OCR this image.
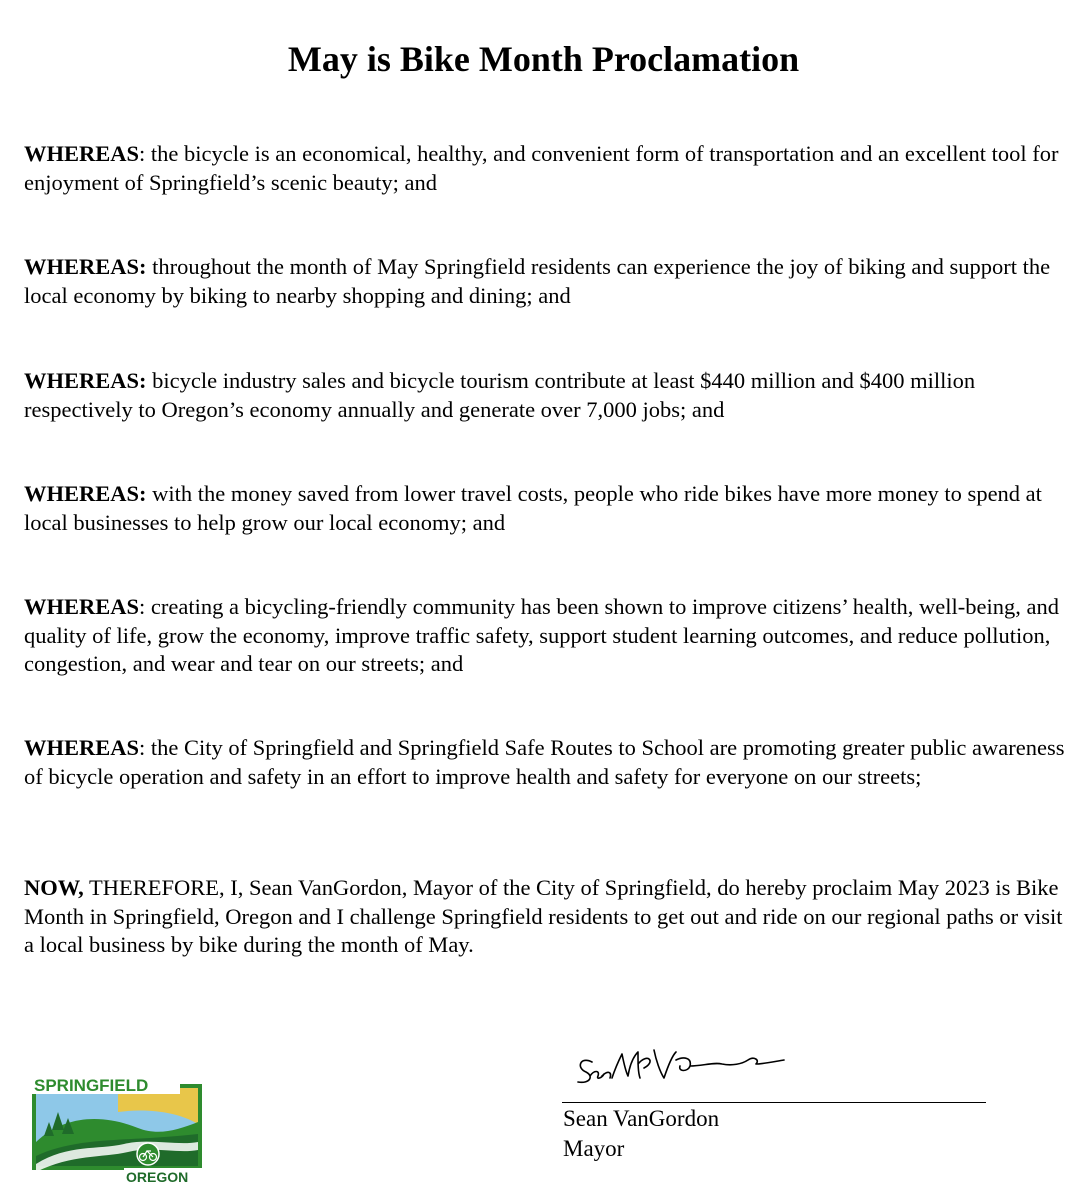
May is Bike Month Proclamation

WHEREAS: the bicycle is an economical, healthy, and convenient form of transportation and an excellent tool for enjoyment of Springfield’s scenic beauty; and

WHEREAS: throughout the month of May Springfield residents can experience the joy of biking and support the local economy by biking to nearby shopping and dining; and

WHEREAS: bicycle industry sales and bicycle tourism contribute at least $440 million and $400 million respectively to Oregon’s economy annually and generate over 7,000 jobs; and

WHEREAS: with the money saved from lower travel costs, people who ride bikes have more money to spend at local businesses to help grow our local economy; and

WHEREAS: creating a bicycling-friendly community has been shown to improve citizens’ health, well-being, and quality of life, grow the economy, improve traffic safety, support student learning outcomes, and reduce pollution, congestion, and wear and tear on our streets; and

WHEREAS: the City of Springfield and Springfield Safe Routes to School are promoting greater public awareness of bicycle operation and safety in an effort to improve health and safety for everyone on our streets;

NOW, THEREFORE, I, Sean VanGordon, Mayor of the City of Springfield, do hereby proclaim May 2023 is Bike Month in Springfield, Oregon and I challenge Springfield residents to get out and ride on our regional paths or visit a local business by bike during the month of May.

Sean VanGordon

Mayor

SPRINGFIELD
OREGON
